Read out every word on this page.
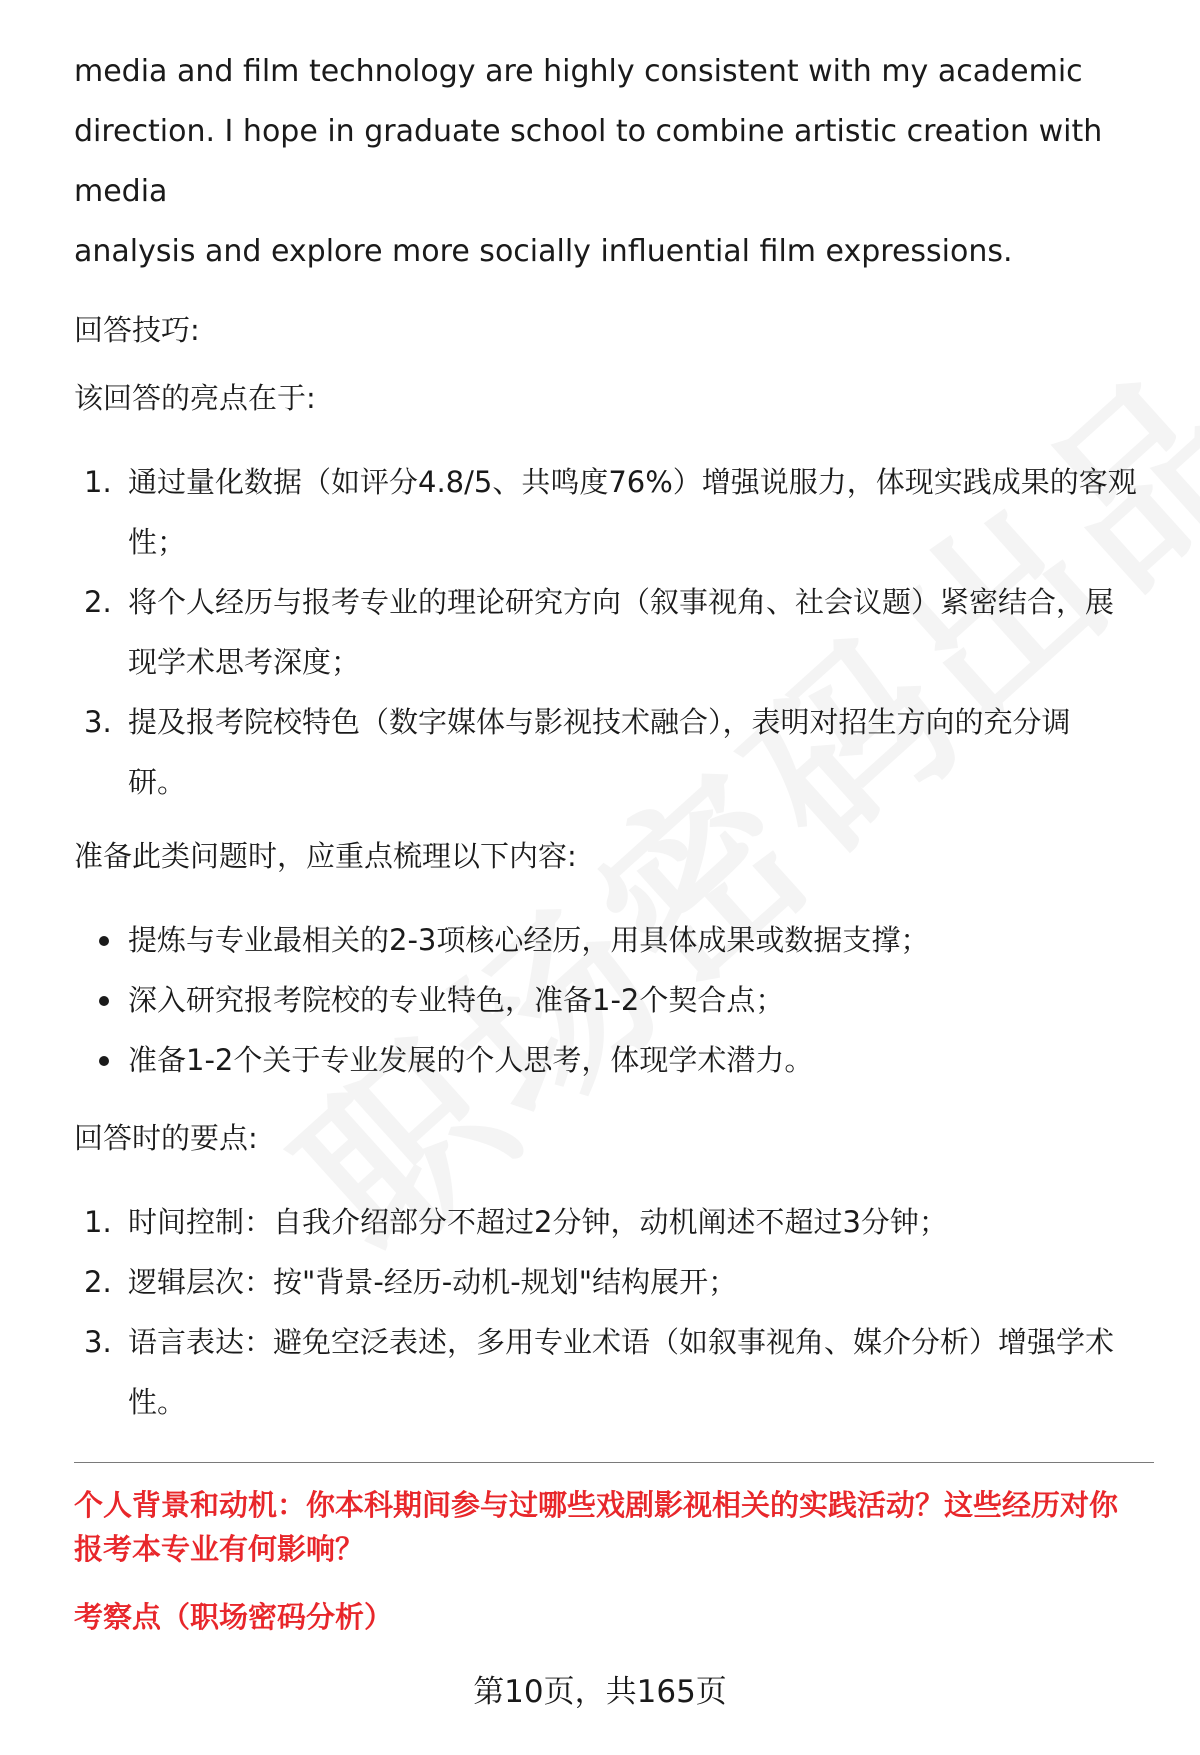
media and film technology are highly consistent with my academic

direction. I hope in graduate school to combine artistic creation with media

analysis and explore more socially influential film expressions.

回答技巧:

该回答的亮点在于:

1. 通过量化数据（如评分4.8/5、共鸣度76%）增强说服力，体现实践成果的客观
性；
2. 将个人经历与报考专业的理论研究方向（叙事视角、社会议题）紧密结合，展
现学术思考深度；
3. 提及报考院校特色（数字媒体与影视技术融合），表明对招生方向的充分调
研。

准备此类问题时，应重点梳理以下内容:

提炼与专业最相关的2-3项核心经历，用具体成果或数据支撑；
深入研究报考院校的专业特色，准备1-2个契合点；
准备1-2个关于专业发展的个人思考，体现学术潜力。

回答时的要点:

1. 时间控制：自我介绍部分不超过2分钟，动机阐述不超过3分钟；
2. 逻辑层次：按"背景-经历-动机-规划"结构展开；
3. 语言表达：避免空泛表述，多用专业术语（如叙事视角、媒介分析）增强学术
性。

个人背景和动机：你本科期间参与过哪些戏剧影视相关的实践活动？这些经历对你

报考本专业有何影响？

考察点（职场密码分析）

第10页，共165页
